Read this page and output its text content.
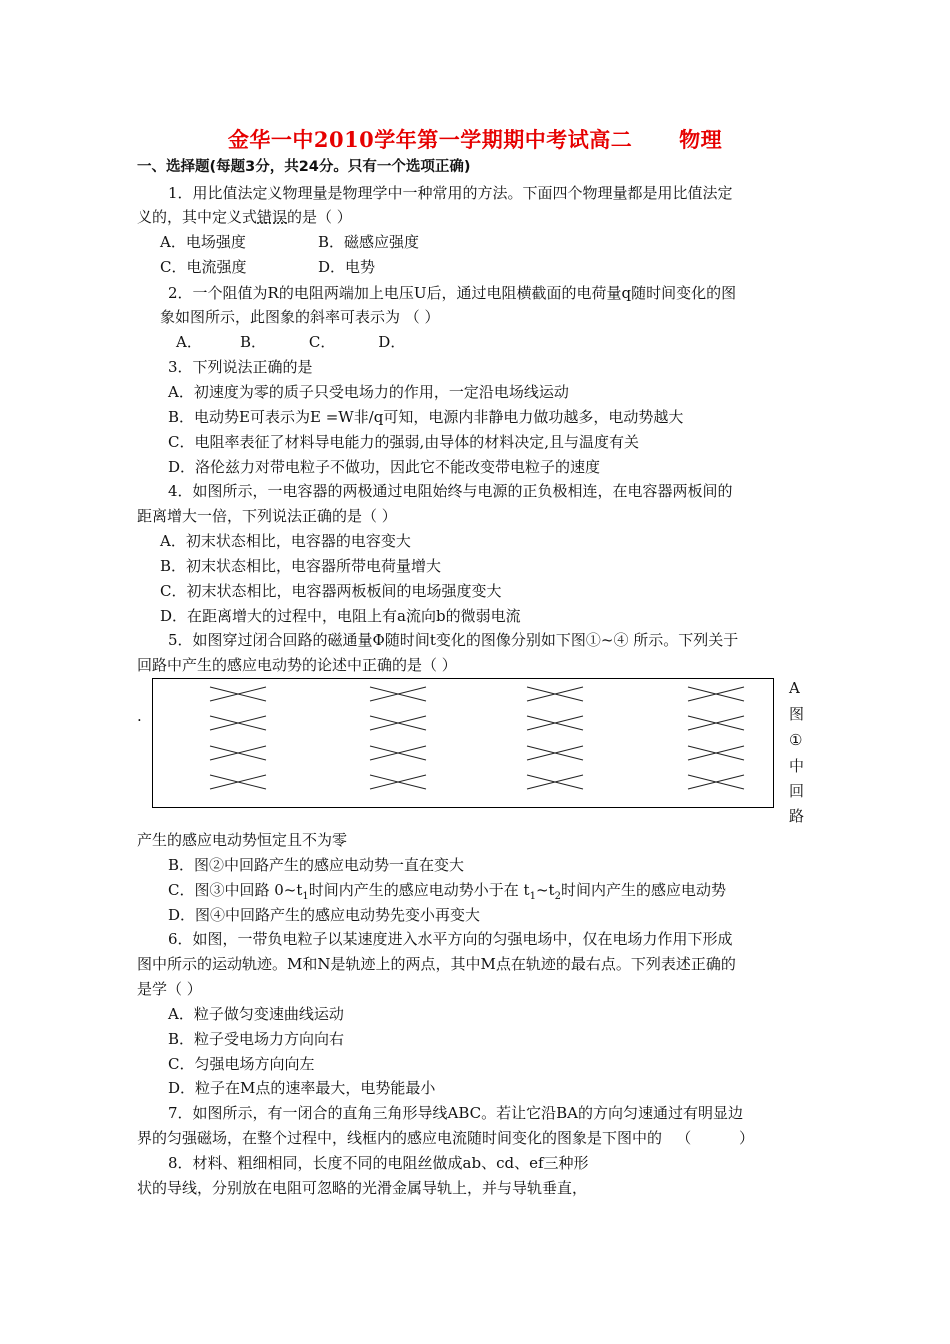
金华一中2010学年第一学期期中考试高二      物理
一、选择题(每题3分，共24分。只有一个选项正确)
1．用比值法定义物理量是物理学中一种常用的方法。下面四个物理量都是用比值法定
义的，其中定义式错误的是（ ）
A．电场强度	B．磁感应强度
C．电流强度	D．电势
2．一个阻值为R的电阻两端加上电压U后，通过电阻横截面的电荷量q随时间变化的图
象如图所示，此图象的斜率可表示为 （ ）
A．        B．         C．         D．
3．下列说法正确的是
A．初速度为零的质子只受电场力的作用，一定沿电场线运动
B．电动势E可表示为E =W非/q可知，电源内非静电力做功越多，电动势越大
C．电阻率表征了材料导电能力的强弱,由导体的材料决定,且与温度有关
D．洛伦兹力对带电粒子不做功，因此它不能改变带电粒子的速度
4．如图所示，一电容器的两极通过电阻始终与电源的正负极相连，在电容器两板间的
距离增大一倍，下列说法正确的是（ ）
A．初末状态相比，电容器的电容变大
B．初末状态相比，电容器所带电荷量增大
C．初末状态相比，电容器两板板间的电场强度变大
D．在距离增大的过程中，电阻上有a流向b的微弱电流
5．如图穿过闭合回路的磁通量Φ随时间t变化的图像分别如下图①~④ 所示。下列关于
回路中产生的感应电动势的论述中正确的是（ ）
.
A
图
①
中
回
路
产生的感应电动势恒定且不为零
B．图②中回路产生的感应电动势一直在变大
C．图③中回路 $0\sim t_1$时间内产生的感应电动势小于在 $t_1\sim t_2$时间内产生的感应电动势
D．图④中回路产生的感应电动势先变小再变大
6．如图，一带负电粒子以某速度进入水平方向的匀强电场中，仅在电场力作用下形成
图中所示的运动轨迹。M和N是轨迹上的两点，其中M点在轨迹的最右点。下列表述正确的
是学（ ）
A．粒子做匀变速曲线运动
B．粒子受电场力方向向右
C．匀强电场方向向左
D．粒子在M点的速率最大，电势能最小
7．如图所示，有一闭合的直角三角形导线ABC。若让它沿BA的方向匀速通过有明显边
界的匀强磁场，在整个过程中，线框内的感应电流随时间变化的图象是下图中的   （          ）
8．材料、粗细相同，长度不同的电阻丝做成ab、cd、ef三种形
状的导线，分别放在电阻可忽略的光滑金属导轨上，并与导轨垂直，
